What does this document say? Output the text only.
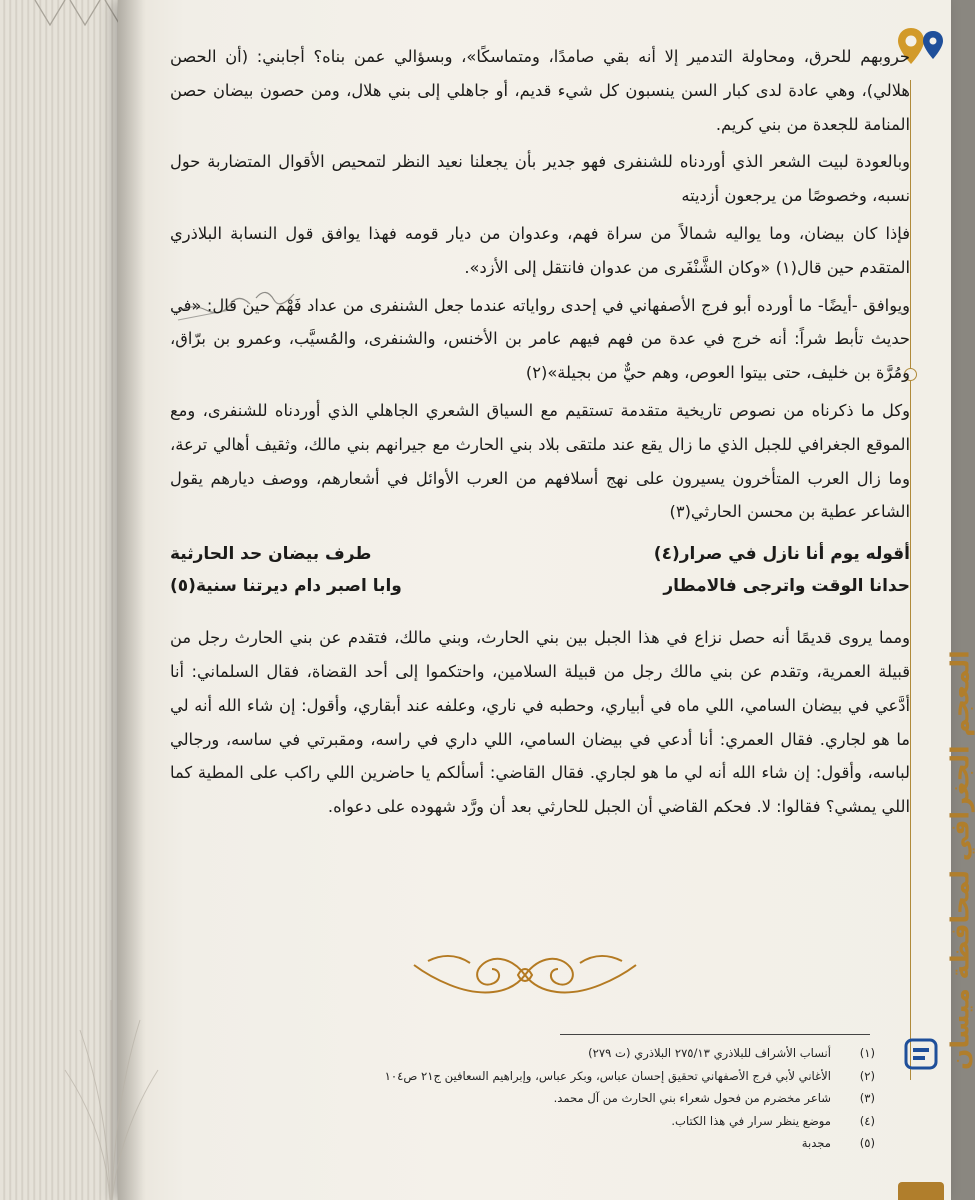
حروبهم للحرق، ومحاولة التدمير إلا أنه بقي صامدًا، ومتماسكًا»، وبسؤالي عمن بناه؟ أجابني: (أن الحصن هلالي)، وهي عادة لدى كبار السن ينسبون كل شيء قديم، أو جاهلي إلى بني هلال، ومن حصون بيضان حصن المنامة للجعدة من بني كريم.

وبالعودة لبيت الشعر الذي أوردناه للشنفرى فهو جدير بأن يجعلنا نعيد النظر لتمحيص الأقوال المتضاربة حول نسبه، وخصوصًا من يرجعون أزديته

فإذا كان بيضان، وما يواليه شمالاً من سراة فهم، وعدوان من ديار قومه فهذا يوافق قول النسابة البلاذري المتقدم حين قال(١) «وكان الشَّنْفَرى من عدوان فانتقل إلى الأزد».

ويوافق -أيضًا- ما أورده أبو فرج الأصفهاني في إحدى رواياته عندما جعل الشنفرى من عداد فَهْم حين قال: «في حديث تأبط شراً: أنه خرج في عدة من فهم فيهم عامر بن الأخنس، والشنفرى، والمُسيَّب، وعمرو بن برّاق، ومُرَّة بن خليف، حتى بيتوا العوص، وهم حيٌّ من بجيلة»(٢)

وكل ما ذكرناه من نصوص تاريخية متقدمة تستقيم مع السياق الشعري الجاهلي الذي أوردناه للشنفرى، ومع الموقع الجغرافي للجبل الذي ما زال يقع عند ملتقى بلاد بني الحارث مع جيرانهم بني مالك، وثقيف أهالي ترعة، وما زال العرب المتأخرون يسيرون على نهج أسلافهم من العرب الأوائل في أشعارهم، ووصف ديارهم يقول الشاعر عطية بن محسن الحارثي(٣)

أقوله يوم أنا نازل في صرار(٤)
طرف بيضان حد الحارثية
حدانا الوقت واترجى فالامطار
وابا اصبر دام ديرتنا سنية(٥)

ومما يروى قديمًا أنه حصل نزاع في هذا الجبل بين بني الحارث، وبني مالك، فتقدم عن بني الحارث رجل من قبيلة العمرية، وتقدم عن بني مالك رجل من قبيلة السلامين، واحتكموا إلى أحد القضاة، فقال السلماني: أنا أدَّعي في بيضان السامي، اللي ماه في أبياري، وحطبه في ناري، وعلفه عند أبقاري، وأقول: إن شاء الله أنه لي ما هو لجاري. فقال العمري: أنا أدعي في بيضان السامي، اللي داري في راسه، ومقبرتي في ساسه، ورجالي لباسه، وأقول: إن شاء الله أنه لي ما هو لجاري. فقال القاضي: أسألكم يا حاضرين اللي راكب على المطية كما اللي يمشي؟ فقالوا: لا. فحكم القاضي أن الجبل للحارثي بعد أن ورَّد شهوده على دعواه.

(١)أنساب الأشراف للبلاذري ٢٧٥/١٣ البلاذري (ت ٢٧٩)
(٢)الأغاني لأبي فرج الأصفهاني تحقيق إحسان عباس، وبكر عباس، وإبراهيم السعافين ج٢١ ص١٠٤
(٣)شاعر مخضرم من فحول شعراء بني الحارث من آل محمد.
(٤)موضع ينظر سرار في هذا الكتاب.
(٥)مجدبة
المعجم الجغرافي لمحافظة ميسان
